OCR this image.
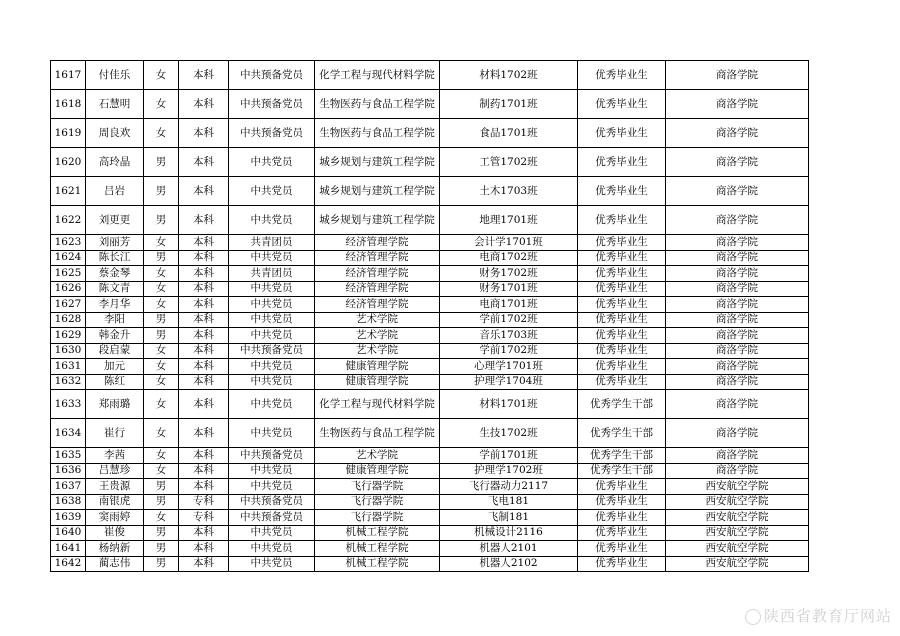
1617	付佳乐	女	本科	中共预备党员	化学工程与现代材料学院	材料1702班	优秀毕业生	商洛学院
1618	石慧明	女	本科	中共预备党员	生物医药与食品工程学院	制药1701班	优秀毕业生	商洛学院
1619	周良欢	女	本科	中共预备党员	生物医药与食品工程学院	食品1701班	优秀毕业生	商洛学院
1620	高玲晶	男	本科	中共党员	城乡规划与建筑工程学院	工管1702班	优秀毕业生	商洛学院
1621	吕岩	男	本科	中共党员	城乡规划与建筑工程学院	土木1703班	优秀毕业生	商洛学院
1622	刘更更	男	本科	中共党员	城乡规划与建筑工程学院	地理1701班	优秀毕业生	商洛学院
1623	刘丽芳	女	本科	共青团员	经济管理学院	会计学1701班	优秀毕业生	商洛学院
1624	陈长江	男	本科	中共党员	经济管理学院	电商1702班	优秀毕业生	商洛学院
1625	蔡金琴	女	本科	共青团员	经济管理学院	财务1702班	优秀毕业生	商洛学院
1626	陈文青	女	本科	中共党员	经济管理学院	财务1701班	优秀毕业生	商洛学院
1627	李月华	女	本科	中共党员	经济管理学院	电商1701班	优秀毕业生	商洛学院
1628	李阳	男	本科	中共党员	艺术学院	学前1702班	优秀毕业生	商洛学院
1629	韩金升	男	本科	中共党员	艺术学院	音乐1703班	优秀毕业生	商洛学院
1630	段启蒙	女	本科	中共预备党员	艺术学院	学前1702班	优秀毕业生	商洛学院
1631	加元	女	本科	中共党员	健康管理学院	心理学1701班	优秀毕业生	商洛学院
1632	陈红	女	本科	中共党员	健康管理学院	护理学1704班	优秀毕业生	商洛学院
1633	郑雨璐	女	本科	中共党员	化学工程与现代材料学院	材料1701班	优秀学生干部	商洛学院
1634	崔行	女	本科	中共党员	生物医药与食品工程学院	生技1702班	优秀学生干部	商洛学院
1635	李茜	女	本科	中共预备党员	艺术学院	学前1701班	优秀学生干部	商洛学院
1636	吕慧珍	女	本科	中共党员	健康管理学院	护理学1702班	优秀学生干部	商洛学院
1637	王贵源	男	本科	中共党员	飞行器学院	飞行器动力2117	优秀毕业生	西安航空学院
1638	南银虎	男	专科	中共预备党员	飞行器学院	飞电181	优秀毕业生	西安航空学院
1639	窦雨婷	女	专科	中共预备党员	飞行器学院	飞制181	优秀毕业生	西安航空学院
1640	崔俊	男	本科	中共党员	机械工程学院	机械设计2116	优秀毕业生	西安航空学院
1641	杨纳新	男	本科	中共党员	机械工程学院	机器人2101	优秀毕业生	西安航空学院
1642	蔺志伟	男	本科	中共党员	机械工程学院	机器人2102	优秀毕业生	西安航空学院
陕西省教育厅网站
